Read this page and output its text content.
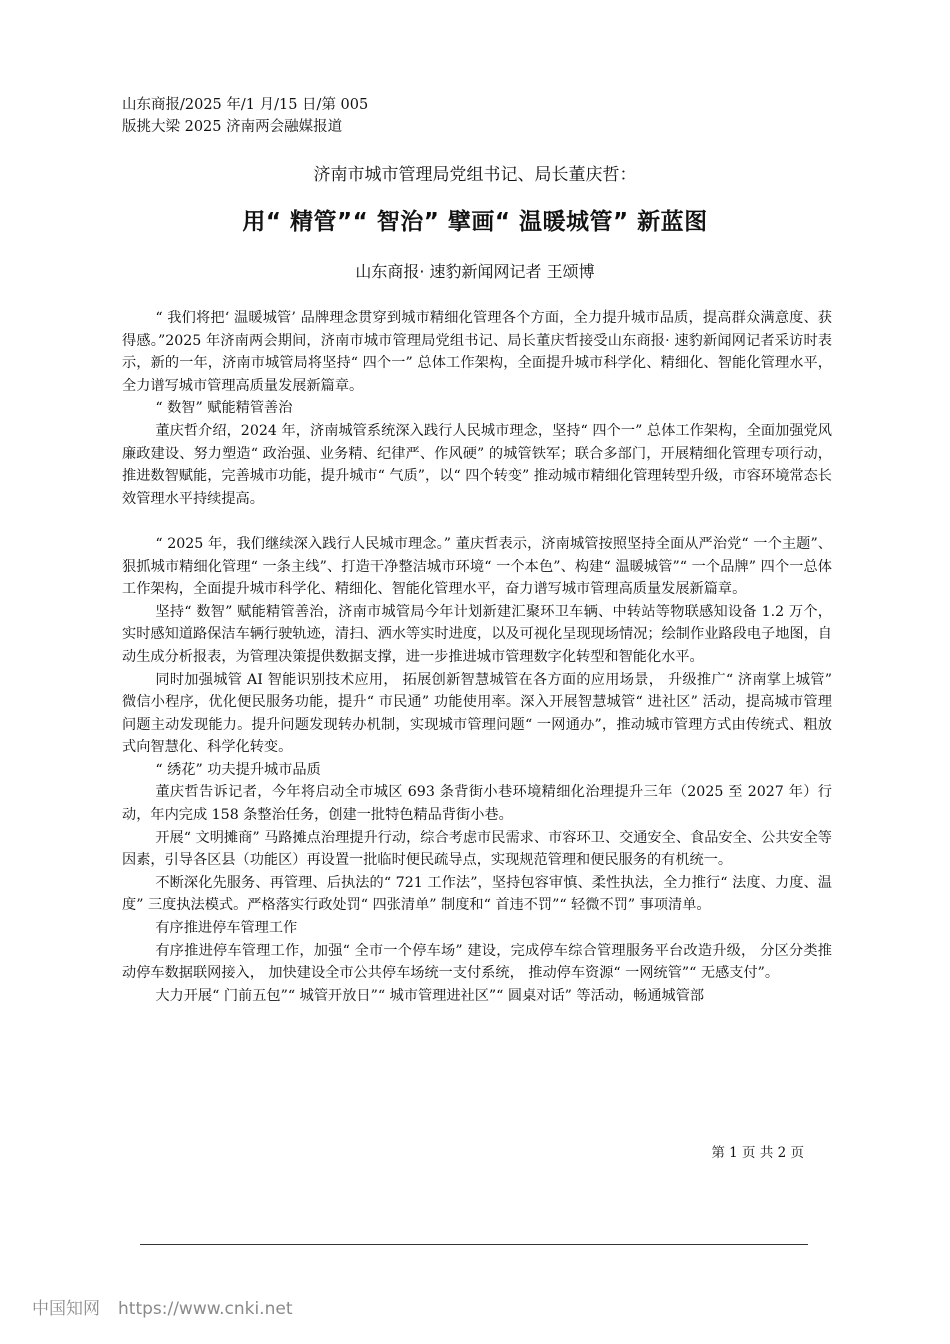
山东商报/2025 年/1 月/15 日/第 005
版挑大梁 2025 济南两会融媒报道
济南市城市管理局党组书记、局长董庆哲：
用“ 精管”“ 智治” 擘画“ 温暖城管” 新蓝图
山东商报· 速豹新闻网记者 王颂博

“ 我们将把‘ 温暖城管’ 品牌理念贯穿到城市精细化管理各个方面，全力提升城市品质，提高群众满意度、获得感。”2025 年济南两会期间，济南市城市管理局党组书记、局长董庆哲接受山东商报· 速豹新闻网记者采访时表示，新的一年，济南市城管局将坚持“ 四个一” 总体工作架构，全面提升城市科学化、精细化、智能化管理水平，全力谱写城市管理高质量发展新篇章。

“ 数智” 赋能精管善治

董庆哲介绍，2024 年，济南城管系统深入践行人民城市理念，坚持“ 四个一” 总体工作架构，全面加强党风廉政建设、努力塑造“ 政治强、业务精、纪律严、作风硬” 的城管铁军；联合多部门，开展精细化管理专项行动，推进数智赋能，完善城市功能，提升城市“ 气质”，以“ 四个转变” 推动城市精细化管理转型升级，市容环境常态长效管理水平持续提高。

“ 2025 年，我们继续深入践行人民城市理念。” 董庆哲表示，济南城管按照坚持全面从严治党“ 一个主题”、狠抓城市精细化管理“ 一条主线”、打造干净整洁城市环境“ 一个本色”、构建“ 温暖城管”“ 一个品牌” 四个一总体工作架构，全面提升城市科学化、精细化、智能化管理水平，奋力谱写城市管理高质量发展新篇章。

坚持“ 数智” 赋能精管善治，济南市城管局今年计划新建汇聚环卫车辆、中转站等物联感知设备 1.2 万个，实时感知道路保洁车辆行驶轨迹，清扫、洒水等实时进度，以及可视化呈现现场情况；绘制作业路段电子地图，自动生成分析报表，为管理决策提供数据支撑，进一步推进城市管理数字化转型和智能化水平。

同时加强城管 AI 智能识别技术应用， 拓展创新智慧城管在各方面的应用场景， 升级推广“ 济南掌上城管” 微信小程序，优化便民服务功能，提升“ 市民通” 功能使用率。深入开展智慧城管“ 进社区” 活动，提高城市管理问题主动发现能力。提升问题发现转办机制，实现城市管理问题“ 一网通办”，推动城市管理方式由传统式、粗放式向智慧化、科学化转变。

“ 绣花” 功夫提升城市品质

董庆哲告诉记者，今年将启动全市城区 693 条背街小巷环境精细化治理提升三年（2025 至 2027 年）行动，年内完成 158 条整治任务，创建一批特色精品背街小巷。

开展“ 文明摊商” 马路摊点治理提升行动，综合考虑市民需求、市容环卫、交通安全、食品安全、公共安全等因素，引导各区县（功能区）再设置一批临时便民疏导点，实现规范管理和便民服务的有机统一。

不断深化先服务、再管理、后执法的“ 721 工作法”，坚持包容审慎、柔性执法，全力推行“ 法度、力度、温度” 三度执法模式。严格落实行政处罚“ 四张清单” 制度和“ 首违不罚”“ 轻微不罚” 事项清单。

有序推进停车管理工作

有序推进停车管理工作，加强“ 全市一个停车场” 建设，完成停车综合管理服务平台改造升级， 分区分类推动停车数据联网接入， 加快建设全市公共停车场统一支付系统， 推动停车资源“ 一网统管”“ 无感支付”。

大力开展“ 门前五包”“ 城管开放日”“ 城市管理进社区”“ 圆桌对话” 等活动，畅通城管部

第 1 页 共 2 页
中国知网 https://www.cnki.net
